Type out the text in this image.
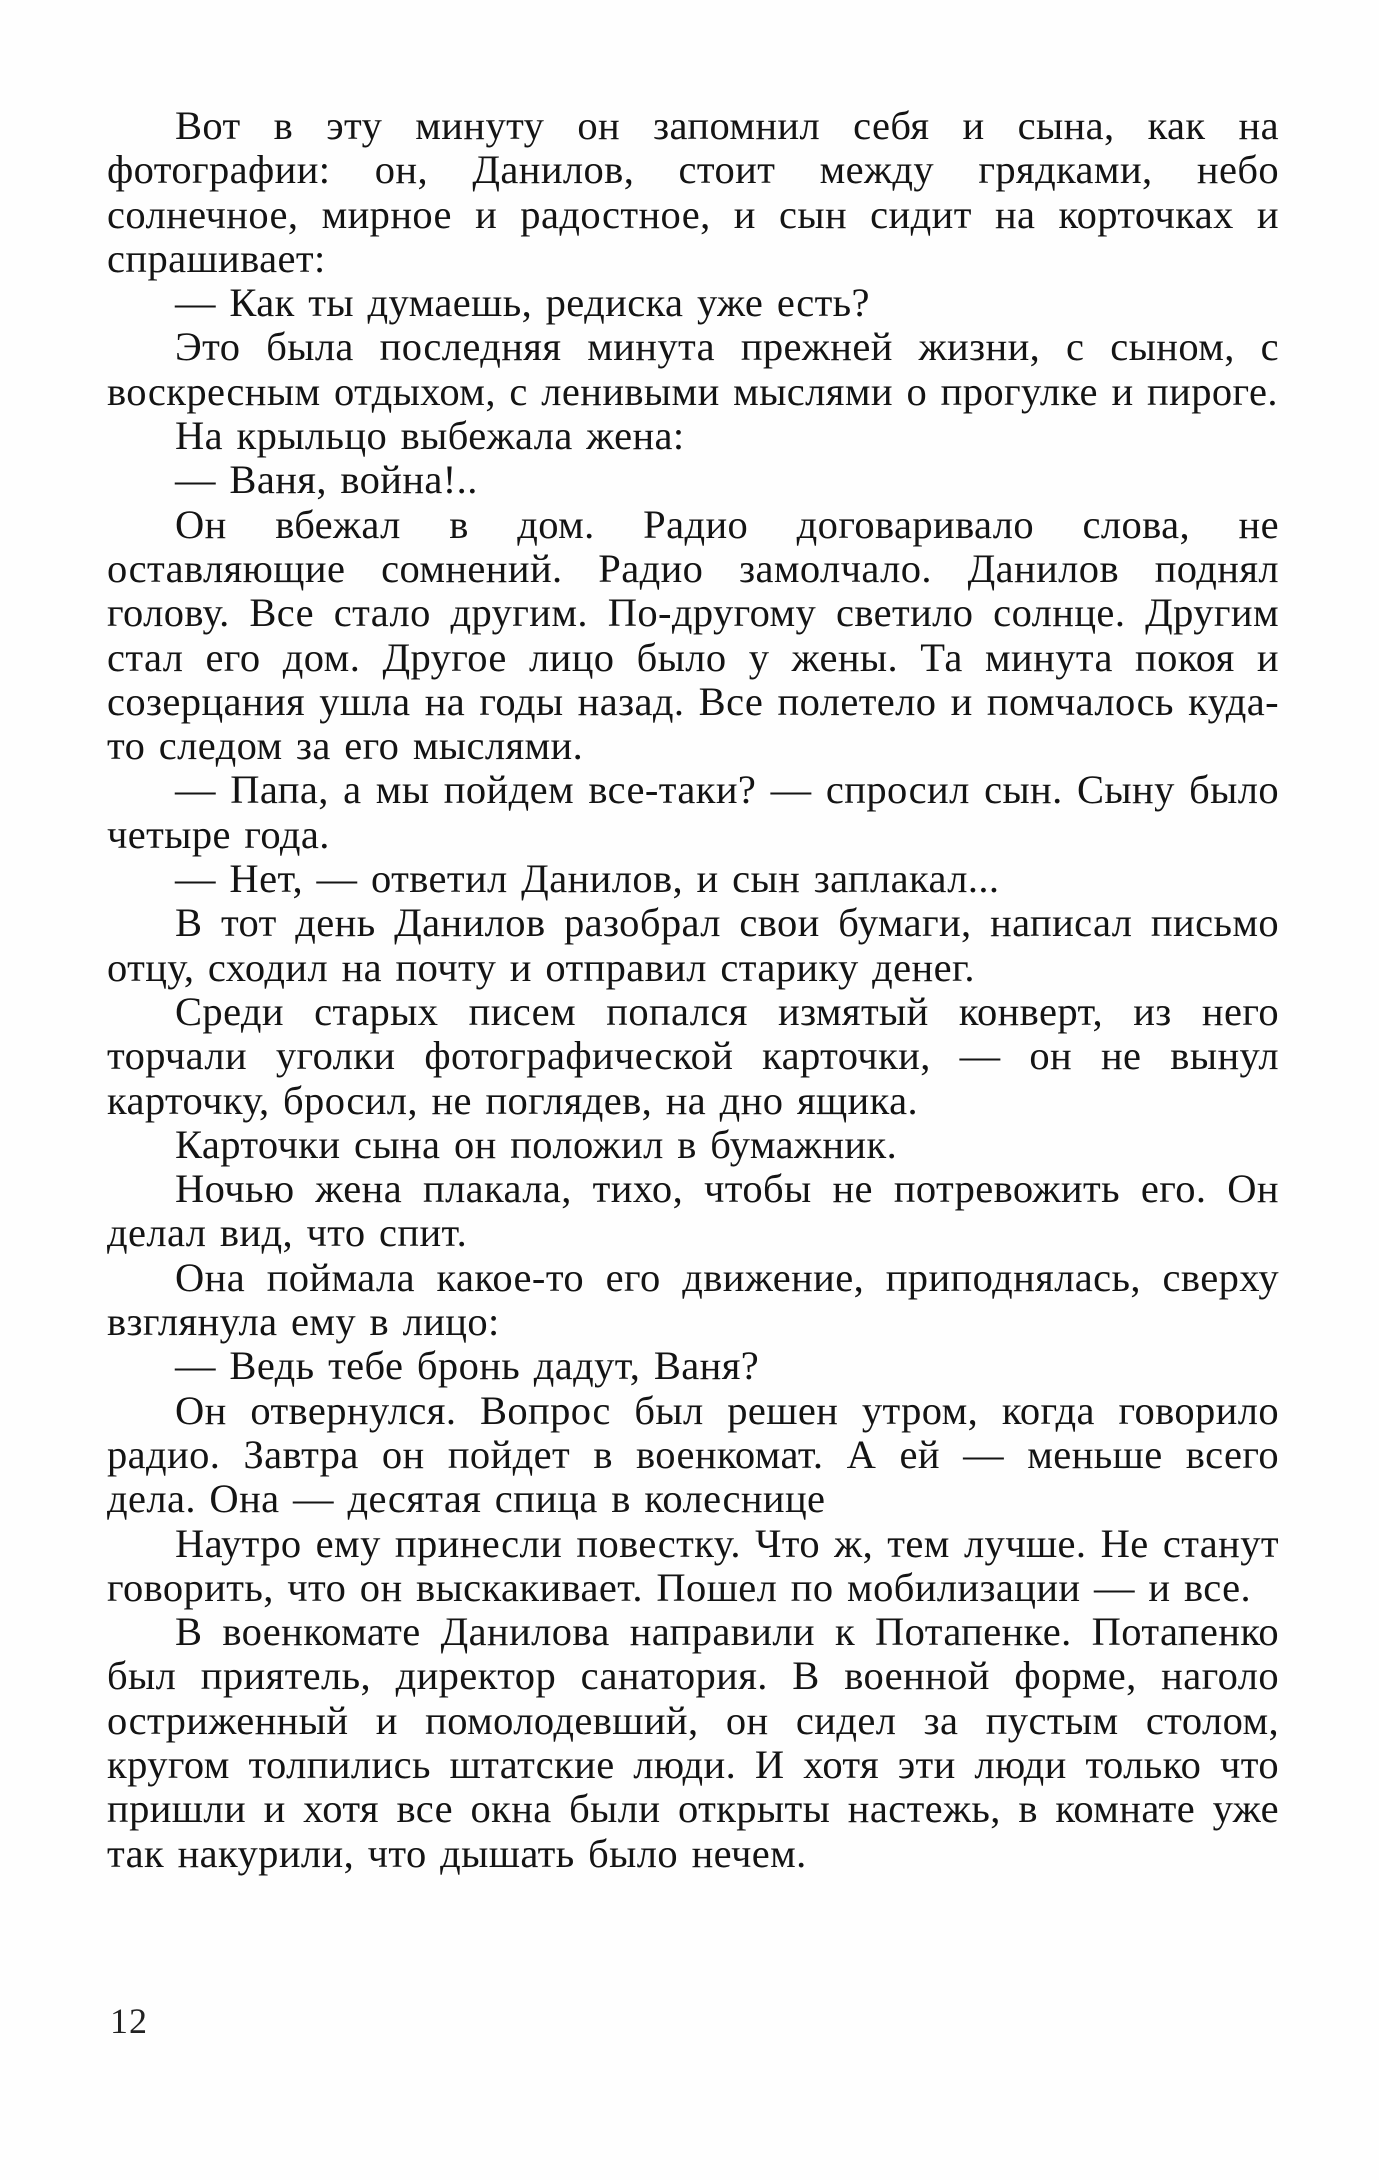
Вот в эту минуту он запомнил себя и сына, как на фотографии: он, Данилов, стоит между грядками, небо солнечное, мирное и радостное, и сын сидит на корточках и спрашивает:

— Как ты думаешь, редиска уже есть?

Это была последняя минута прежней жизни, с сыном, с воскресным отдыхом, с ленивыми мыслями о прогулке и пироге.

На крыльцо выбежала жена:

— Ваня, война!..

Он вбежал в дом. Радио договаривало слова, не оставляющие сомнений. Радио замолчало. Данилов поднял голову. Все стало другим. По-другому светило солнце. Другим стал его дом. Другое лицо было у жены. Та минута покоя и созерцания ушла на годы назад. Все полетело и помчалось куда-то следом за его мыслями.

— Папа, а мы пойдем все-таки? — спросил сын. Сыну было четыре года.

— Нет, — ответил Данилов, и сын заплакал...

В тот день Данилов разобрал свои бумаги, написал письмо отцу, сходил на почту и отправил старику денег.

Среди старых писем попался измятый конверт, из него торчали уголки фотографической карточки, — он не вынул карточку, бросил, не поглядев, на дно ящика.

Карточки сына он положил в бумажник.

Ночью жена плакала, тихо, чтобы не потревожить его. Он делал вид, что спит.

Она поймала какое-то его движение, приподнялась, сверху взглянула ему в лицо:

— Ведь тебе бронь дадут, Ваня?

Он отвернулся. Вопрос был решен утром, когда говорило радио. Завтра он пойдет в военкомат. А ей — меньше всего дела. Она — десятая спица в колеснице

Наутро ему принесли повестку. Что ж, тем лучше. Не станут говорить, что он выскакивает. Пошел по мобилизации — и все.

В военкомате Данилова направили к Потапенке. Потапенко был приятель, директор санатория. В военной форме, наголо остриженный и помолодевший, он сидел за пустым столом, кругом толпились штатские люди. И хотя эти люди только что пришли и хотя все окна были открыты настежь, в комнате уже так накурили, что дышать было нечем.

12
